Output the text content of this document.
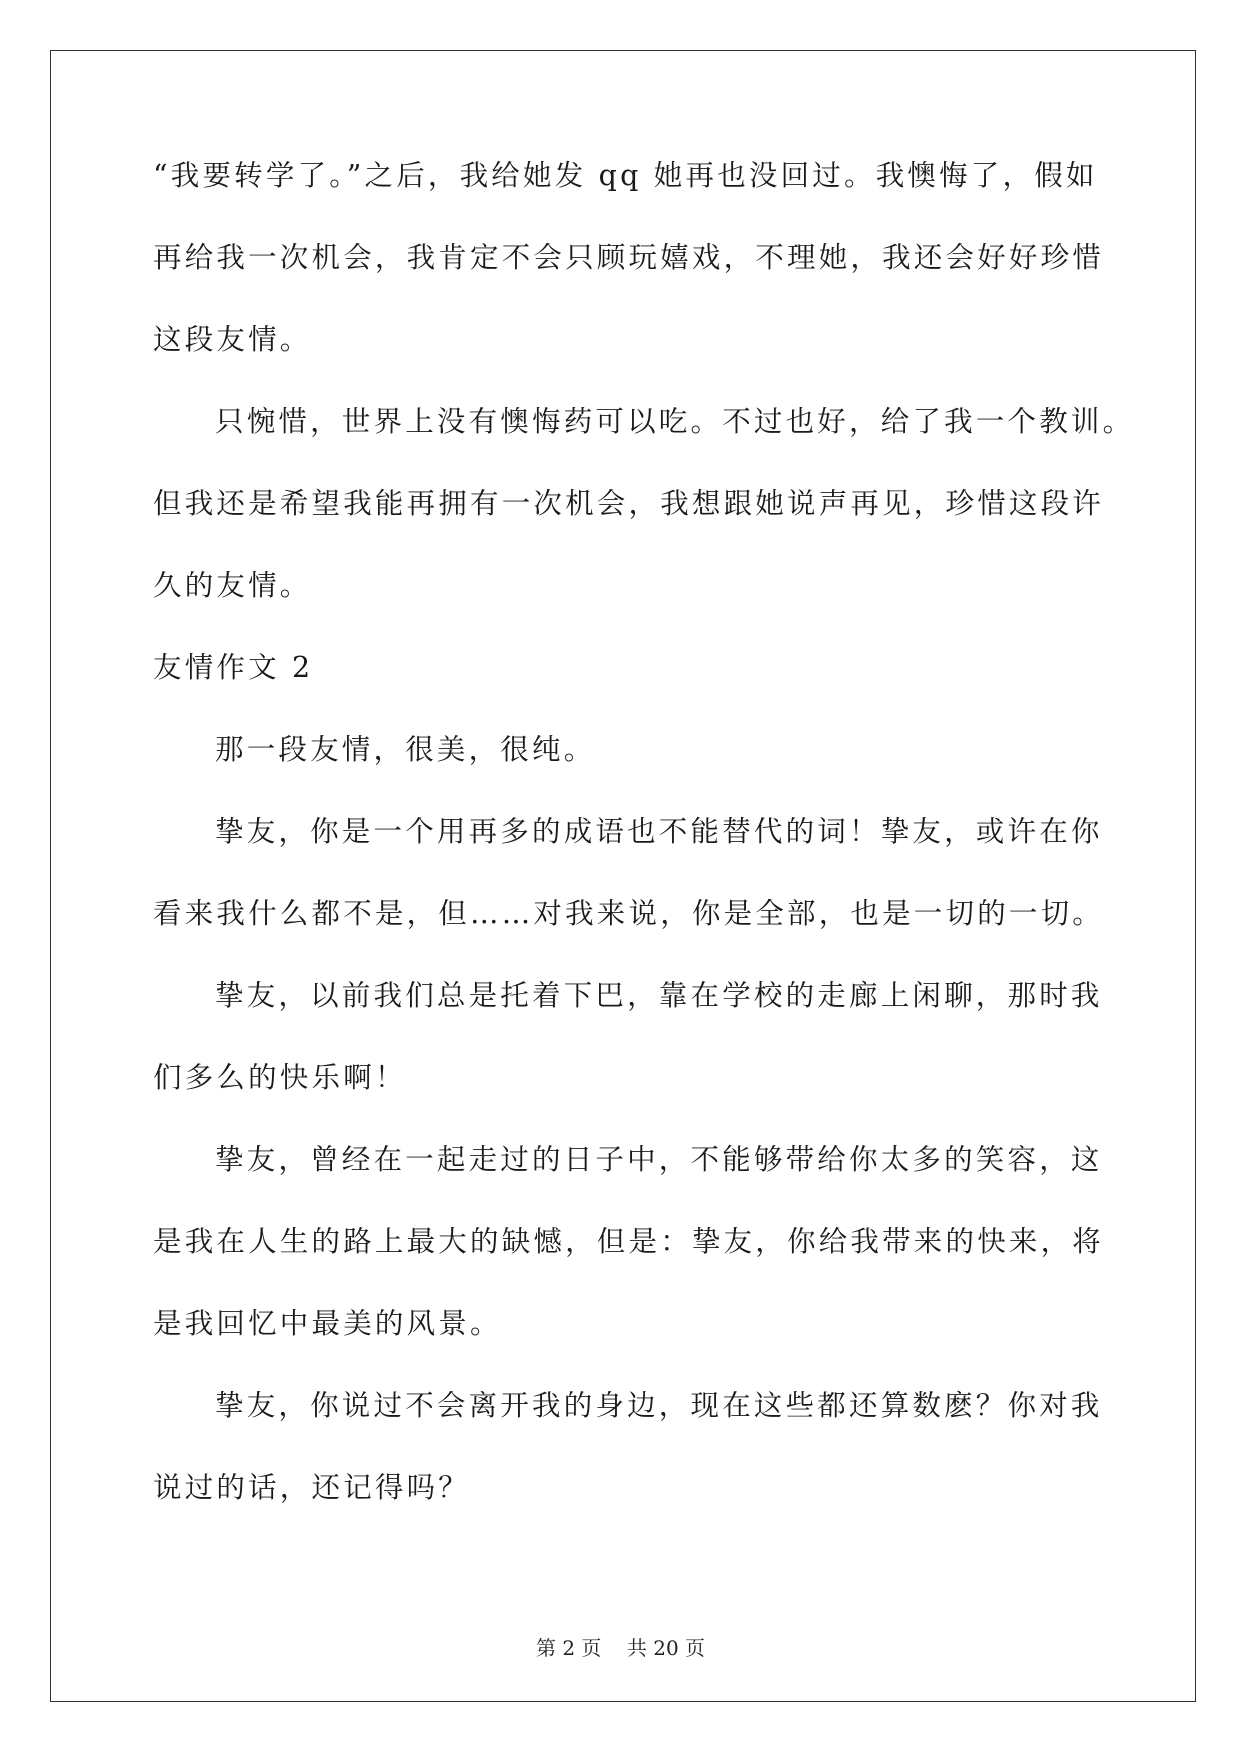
“我要转学了。”之后，我给她发 qq 她再也没回过。我懊悔了，假如
再给我一次机会，我肯定不会只顾玩嬉戏，不理她，我还会好好珍惜
这段友情。
只惋惜，世界上没有懊悔药可以吃。不过也好，给了我一个教训。
但我还是希望我能再拥有一次机会，我想跟她说声再见，珍惜这段许
久的友情。
友情作文 2
那一段友情，很美，很纯。
挚友，你是一个用再多的成语也不能替代的词！挚友，或许在你
看来我什么都不是，但……对我来说，你是全部，也是一切的一切。
挚友，以前我们总是托着下巴，靠在学校的走廊上闲聊，那时我
们多么的快乐啊！
挚友，曾经在一起走过的日子中，不能够带给你太多的笑容，这
是我在人生的路上最大的缺憾，但是：挚友，你给我带来的快来，将
是我回忆中最美的风景。
挚友，你说过不会离开我的身边，现在这些都还算数麽？你对我
说过的话，还记得吗？
第 2 页 共 20 页
